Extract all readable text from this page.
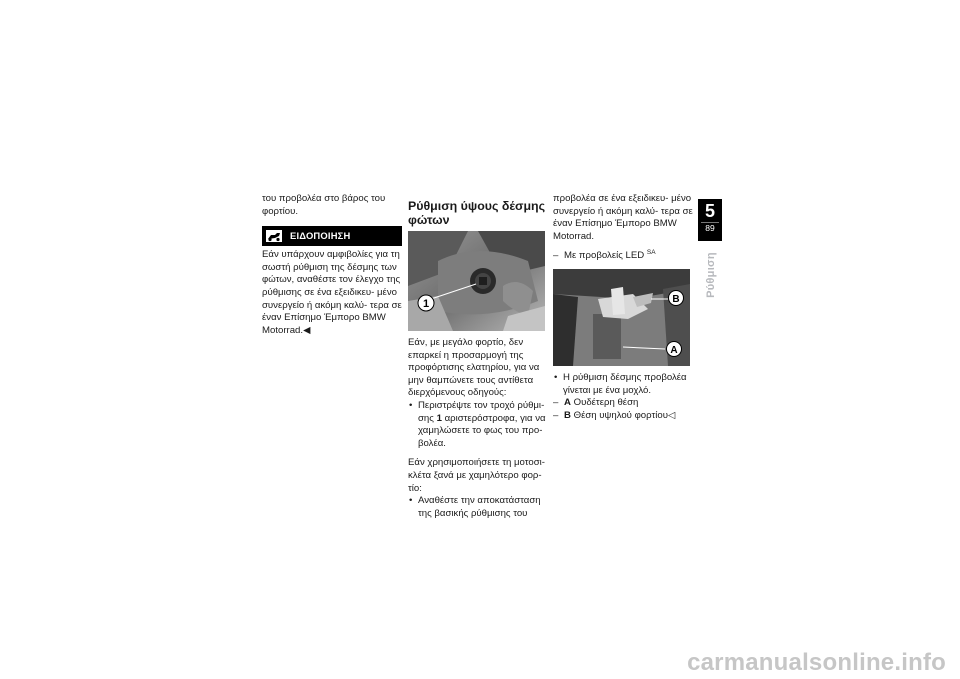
του προβολέα στο βάρος του φορτίου.

ΕΙΔΟΠΟΙΗΣΗ

Εάν υπάρχουν αμφιβολίες για τη σωστή ρύθμιση της δέσμης των φώτων, αναθέστε τον έλεγχο της ρύθμισης σε ένα εξειδικευ- μένο συνεργείο ή ακόμη καλύ- τερα σε έναν Επίσημο Έμπορο BMW Motorrad.◀

Ρύθμιση ύψους δέσμης φώτων
1

Εάν, με μεγάλο φορτίο, δεν επαρκεί η προσαρμογή της προφόρτισης ελατηρίου, για να μην θαμπώνετε τους αντίθετα διερχόμενους οδηγούς:

• Περιστρέψτε τον τροχό ρύθμι- σης 1 αριστερόστροφα, για να χαμηλώσετε το φως του προ- βολέα.

Εάν χρησιμοποιήσετε τη μοτοσι- κλέτα ξανά με χαμηλότερο φορ- τίο:

• Αναθέστε την αποκατάσταση της βασικής ρύθμισης του

προβολέα σε ένα εξειδικευ- μένο συνεργείο ή ακόμη καλύ- τερα σε έναν Επίσημο Έμπορο BMW Motorrad.

– Με προβολείς LED $^{SA}$

B
A

• Η ρύθμιση δέσμης προβολέα γίνεται με ένα μοχλό.

– A Ουδέτερη θέση

– B Θέση υψηλού φορτίου◁

5
89
Ρύθμιση
carmanualsonline.info
